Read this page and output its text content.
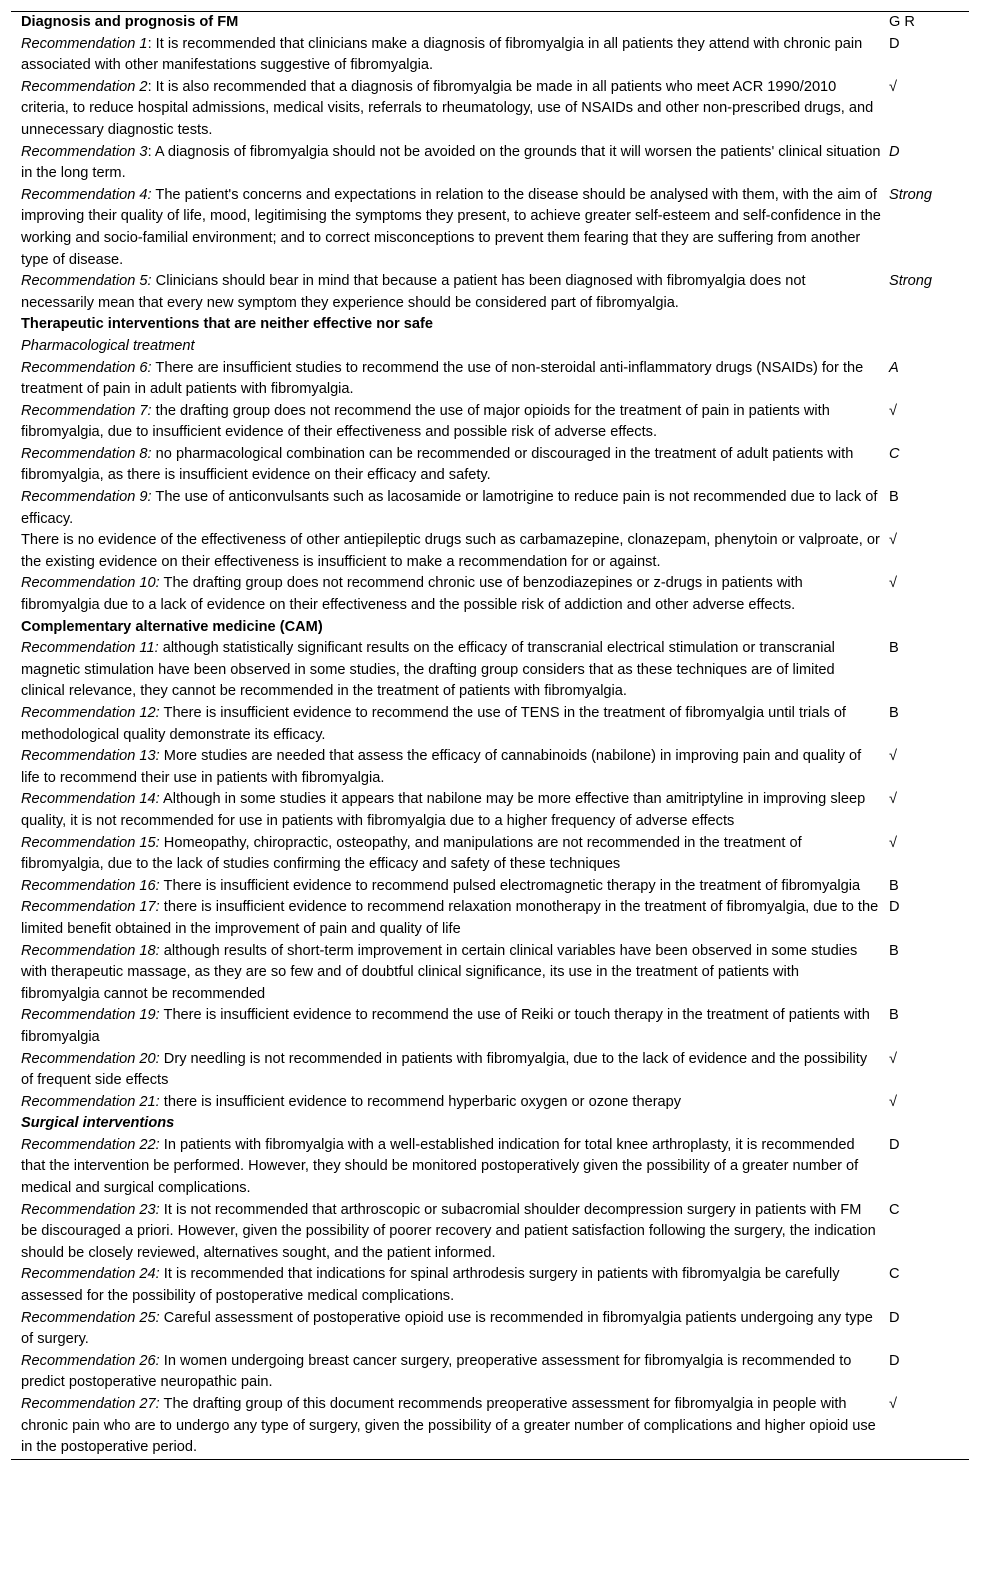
Diagnosis and prognosis of FM	G R
Recommendation 1: It is recommended that clinicians make a diagnosis of fibromyalgia in all patients they attend with chronic pain associated with other manifestations suggestive of fibromyalgia.	D
Recommendation 2: It is also recommended that a diagnosis of fibromyalgia be made in all patients who meet ACR 1990/2010 criteria, to reduce hospital admissions, medical visits, referrals to rheumatology, use of NSAIDs and other non-prescribed drugs, and unnecessary diagnostic tests.	√
Recommendation 3: A diagnosis of fibromyalgia should not be avoided on the grounds that it will worsen the patients' clinical situation in the long term.	D
Recommendation 4: The patient's concerns and expectations in relation to the disease should be analysed with them, with the aim of improving their quality of life, mood, legitimising the symptoms they present, to achieve greater self-esteem and self-confidence in the working and socio-familial environment; and to correct misconceptions to prevent them fearing that they are suffering from another type of disease.	Strong
Recommendation 5: Clinicians should bear in mind that because a patient has been diagnosed with fibromyalgia does not necessarily mean that every new symptom they experience should be considered part of fibromyalgia.	Strong
Therapeutic interventions that are neither effective nor safe	
Pharmacological treatment	
Recommendation 6: There are insufficient studies to recommend the use of non-steroidal anti-inflammatory drugs (NSAIDs) for the treatment of pain in adult patients with fibromyalgia.	A
Recommendation 7: the drafting group does not recommend the use of major opioids for the treatment of pain in patients with fibromyalgia, due to insufficient evidence of their effectiveness and possible risk of adverse effects.	√
Recommendation 8: no pharmacological combination can be recommended or discouraged in the treatment of adult patients with fibromyalgia, as there is insufficient evidence on their efficacy and safety.	C
Recommendation 9: The use of anticonvulsants such as lacosamide or lamotrigine to reduce pain is not recommended due to lack of efficacy.	B
There is no evidence of the effectiveness of other antiepileptic drugs such as carbamazepine, clonazepam, phenytoin or valproate, or the existing evidence on their effectiveness is insufficient to make a recommendation for or against.	√
Recommendation 10: The drafting group does not recommend chronic use of benzodiazepines or z-drugs in patients with fibromyalgia due to a lack of evidence on their effectiveness and the possible risk of addiction and other adverse effects.	√
Complementary alternative medicine (CAM)	
Recommendation 11: although statistically significant results on the efficacy of transcranial electrical stimulation or transcranial magnetic stimulation have been observed in some studies, the drafting group considers that as these techniques are of limited clinical relevance, they cannot be recommended in the treatment of patients with fibromyalgia.	B
Recommendation 12: There is insufficient evidence to recommend the use of TENS in the treatment of fibromyalgia until trials of methodological quality demonstrate its efficacy.	B
Recommendation 13: More studies are needed that assess the efficacy of cannabinoids (nabilone) in improving pain and quality of life to recommend their use in patients with fibromyalgia.	√
Recommendation 14: Although in some studies it appears that nabilone may be more effective than amitriptyline in improving sleep quality, it is not recommended for use in patients with fibromyalgia due to a higher frequency of adverse effects	√
Recommendation 15: Homeopathy, chiropractic, osteopathy, and manipulations are not recommended in the treatment of fibromyalgia, due to the lack of studies confirming the efficacy and safety of these techniques	√
Recommendation 16: There is insufficient evidence to recommend pulsed electromagnetic therapy in the treatment of fibromyalgia	B
Recommendation 17: there is insufficient evidence to recommend relaxation monotherapy in the treatment of fibromyalgia, due to the limited benefit obtained in the improvement of pain and quality of life	D
Recommendation 18: although results of short-term improvement in certain clinical variables have been observed in some studies with therapeutic massage, as they are so few and of doubtful clinical significance, its use in the treatment of patients with fibromyalgia cannot be recommended	B
Recommendation 19: There is insufficient evidence to recommend the use of Reiki or touch therapy in the treatment of patients with fibromyalgia	B
Recommendation 20: Dry needling is not recommended in patients with fibromyalgia, due to the lack of evidence and the possibility of frequent side effects	√
Recommendation 21: there is insufficient evidence to recommend hyperbaric oxygen or ozone therapy	√
Surgical interventions	
Recommendation 22: In patients with fibromyalgia with a well-established indication for total knee arthroplasty, it is recommended that the intervention be performed. However, they should be monitored postoperatively given the possibility of a greater number of medical and surgical complications.	D
Recommendation 23: It is not recommended that arthroscopic or subacromial shoulder decompression surgery in patients with FM be discouraged a priori. However, given the possibility of poorer recovery and patient satisfaction following the surgery, the indication should be closely reviewed, alternatives sought, and the patient informed.	C
Recommendation 24: It is recommended that indications for spinal arthrodesis surgery in patients with fibromyalgia be carefully assessed for the possibility of postoperative medical complications.	C
Recommendation 25: Careful assessment of postoperative opioid use is recommended in fibromyalgia patients undergoing any type of surgery.	D
Recommendation 26: In women undergoing breast cancer surgery, preoperative assessment for fibromyalgia is recommended to predict postoperative neuropathic pain.	D
Recommendation 27: The drafting group of this document recommends preoperative assessment for fibromyalgia in people with chronic pain who are to undergo any type of surgery, given the possibility of a greater number of complications and higher opioid use in the postoperative period.	√
